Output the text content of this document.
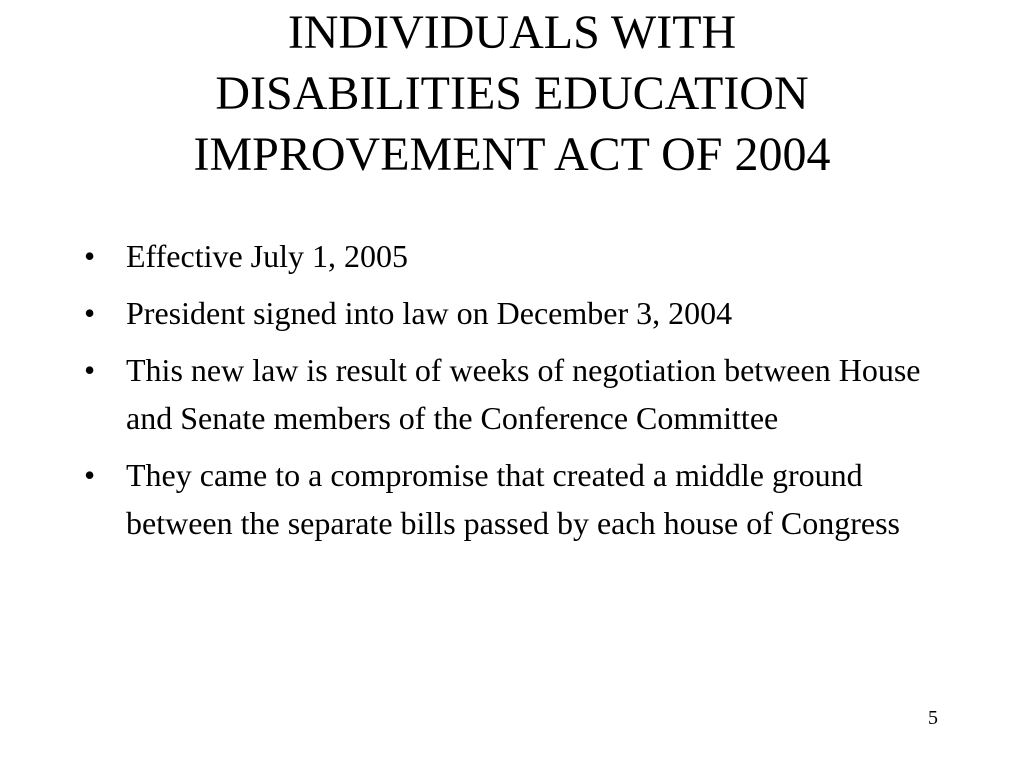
INDIVIDUALS WITH
DISABILITIES EDUCATION
IMPROVEMENT ACT OF 2004
• Effective July 1, 2005
• President signed into law on December 3, 2004
• This new law is result of weeks of negotiation between House and Senate members of the Conference Committee
• They came to a compromise that created a middle ground between the separate bills passed by each house of Congress
5
